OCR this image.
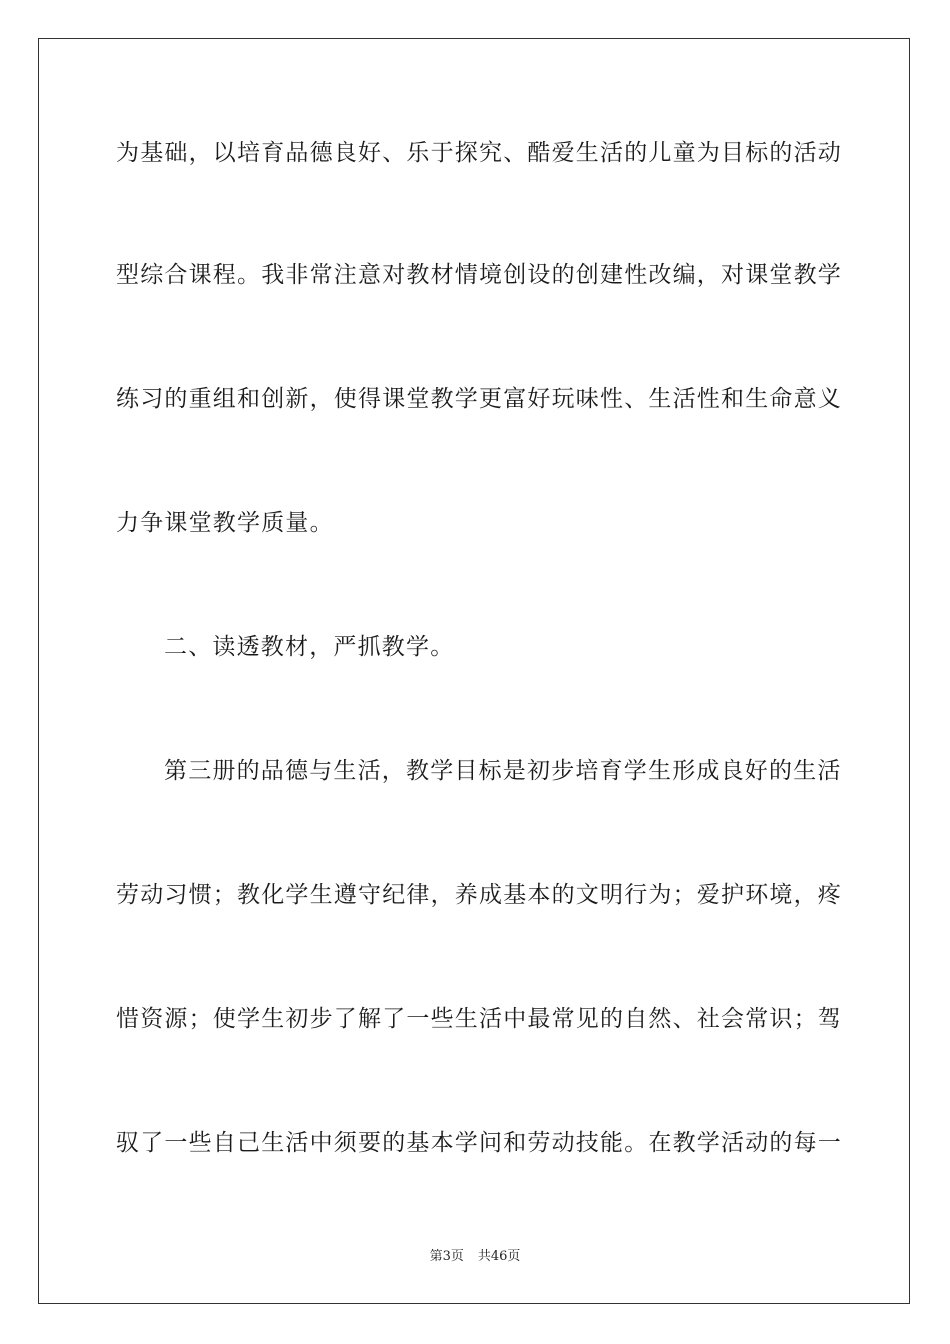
为基础，以培育品德良好、乐于探究、酷爱生活的儿童为目标的活动
型综合课程。我非常注意对教材情境创设的创建性改编，对课堂教学
练习的重组和创新，使得课堂教学更富好玩味性、生活性和生命意义
力争课堂教学质量。
二、读透教材，严抓教学。
第三册的品德与生活，教学目标是初步培育学生形成良好的生活
劳动习惯；教化学生遵守纪律，养成基本的文明行为；爱护环境，疼
惜资源；使学生初步了解了一些生活中最常见的自然、社会常识；驾
驭了一些自己生活中须要的基本学问和劳动技能。在教学活动的每一
第3页 共46页
